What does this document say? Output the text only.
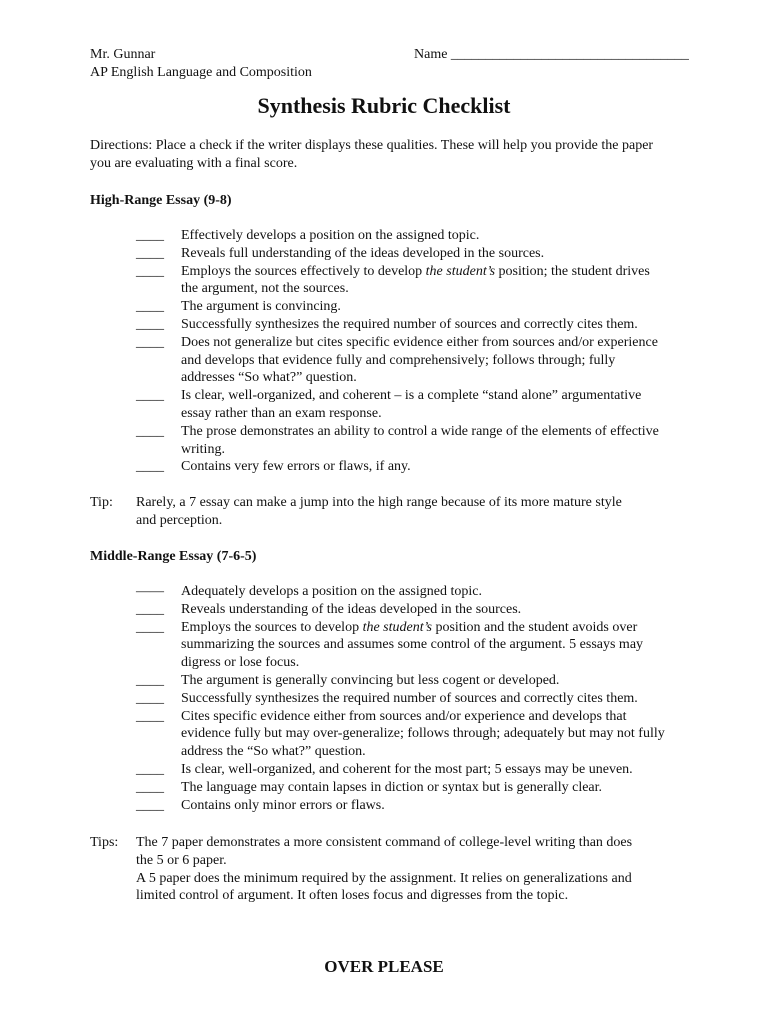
Mr. Gunnar
AP English Language and Composition
Name __________________________________
Synthesis Rubric Checklist
Directions: Place a check if the writer displays these qualities. These will help you provide the paper
you are evaluating with a final score.
High-Range Essay (9-8)
____	Effectively develops a position on the assigned topic.
____	Reveals full understanding of the ideas developed in the sources.
____	Employs the sources effectively to develop the student’s position; the student drives
the argument, not the sources.
____	The argument is convincing.
____	Successfully synthesizes the required number of sources and correctly cites them.
____	Does not generalize but cites specific evidence either from sources and/or experience
and develops that evidence fully and comprehensively; follows through; fully
addresses “So what?” question.
____	Is clear, well-organized, and coherent – is a complete “stand alone” argumentative
essay rather than an exam response.
____	The prose demonstrates an ability to control a wide range of the elements of effective
writing.
____	Contains very few errors or flaws, if any.
Tip:	Rarely, a 7 essay can make a jump into the high range because of its more mature style
and perception.
Middle-Range Essay (7-6-5)
——	Adequately develops a position on the assigned topic.
____	Reveals understanding of the ideas developed in the sources.
____	Employs the sources to develop the student’s position and the student avoids over
summarizing the sources and assumes some control of the argument. 5 essays may
digress or lose focus.
____	The argument is generally convincing but less cogent or developed.
____	Successfully synthesizes the required number of sources and correctly cites them.
____	Cites specific evidence either from sources and/or experience and develops that
evidence fully but may over-generalize; follows through; adequately but may not fully
address the “So what?” question.
____	Is clear, well-organized, and coherent for the most part; 5 essays may be uneven.
____	The language may contain lapses in diction or syntax but is generally clear.
____	Contains only minor errors or flaws.
Tips:	The 7 paper demonstrates a more consistent command of college-level writing than does
the 5 or 6 paper.
A 5 paper does the minimum required by the assignment. It relies on generalizations and
limited control of argument. It often loses focus and digresses from the topic.
OVER PLEASE
